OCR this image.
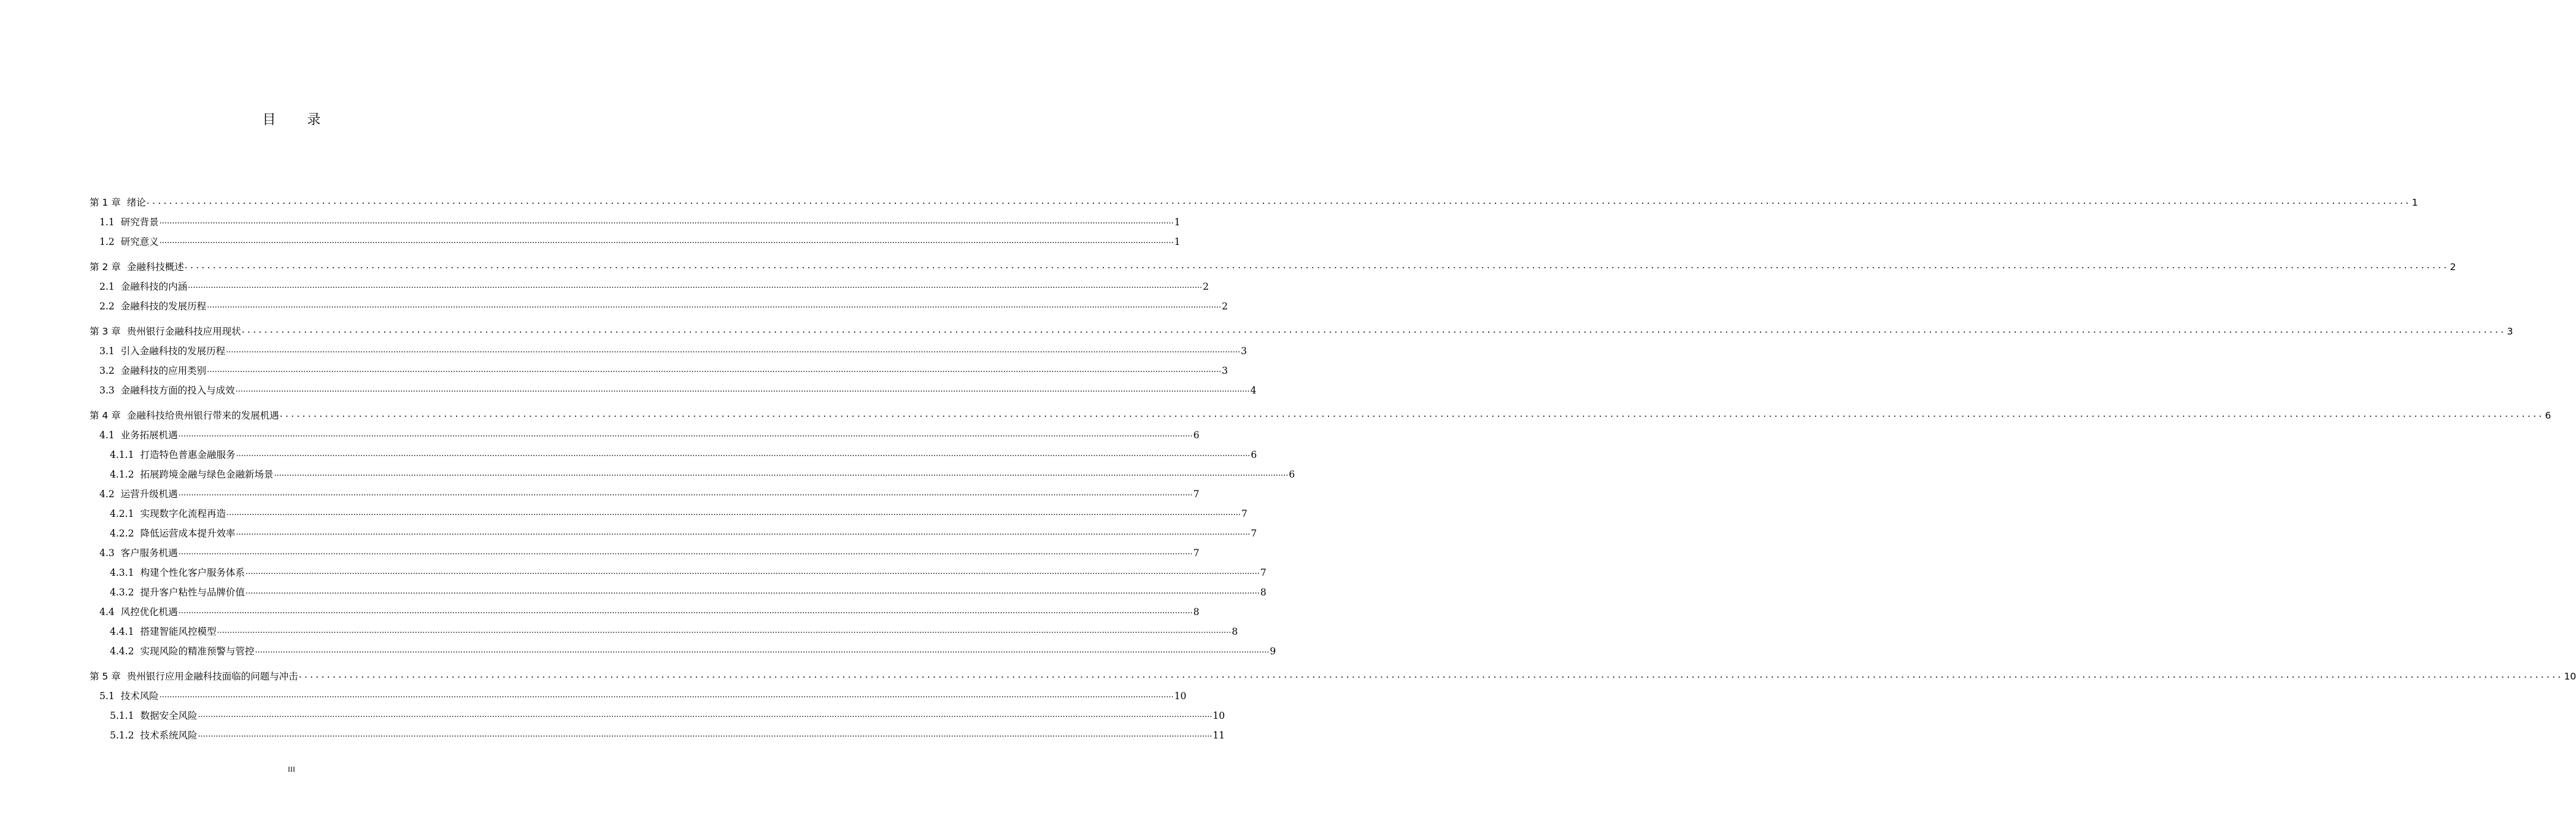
目 录
第 1 章 绪论 ................................................................................................................................................................................................................................................................................................................................................................................................................ 1
1.1 研究背景 ................................................................................................................................................................................................................................................................................................................................................................................................................ 1
1.2 研究意义 ................................................................................................................................................................................................................................................................................................................................................................................................................ 1
第 2 章 金融科技概述 ................................................................................................................................................................................................................................................................................................................................................................................................................ 2
2.1 金融科技的内涵 ................................................................................................................................................................................................................................................................................................................................................................................................................ 2
2.2 金融科技的发展历程 ................................................................................................................................................................................................................................................................................................................................................................................................................ 2
第 3 章 贵州银行金融科技应用现状 ................................................................................................................................................................................................................................................................................................................................................................................................................ 3
3.1 引入金融科技的发展历程 ................................................................................................................................................................................................................................................................................................................................................................................................................ 3
3.2 金融科技的应用类别 ................................................................................................................................................................................................................................................................................................................................................................................................................ 3
3.3 金融科技方面的投入与成效 ................................................................................................................................................................................................................................................................................................................................................................................................................ 4
第 4 章 金融科技给贵州银行带来的发展机遇 ................................................................................................................................................................................................................................................................................................................................................................................................................ 6
4.1 业务拓展机遇 ................................................................................................................................................................................................................................................................................................................................................................................................................ 6
4.1.1 打造特色普惠金融服务 ................................................................................................................................................................................................................................................................................................................................................................................................................ 6
4.1.2 拓展跨境金融与绿色金融新场景 ................................................................................................................................................................................................................................................................................................................................................................................................................ 6
4.2 运营升级机遇 ................................................................................................................................................................................................................................................................................................................................................................................................................ 7
4.2.1 实现数字化流程再造 ................................................................................................................................................................................................................................................................................................................................................................................................................ 7
4.2.2 降低运营成本提升效率 ................................................................................................................................................................................................................................................................................................................................................................................................................ 7
4.3 客户服务机遇 ................................................................................................................................................................................................................................................................................................................................................................................................................ 7
4.3.1 构建个性化客户服务体系 ................................................................................................................................................................................................................................................................................................................................................................................................................ 7
4.3.2 提升客户粘性与品牌价值 ................................................................................................................................................................................................................................................................................................................................................................................................................ 8
4.4 风控优化机遇 ................................................................................................................................................................................................................................................................................................................................................................................................................ 8
4.4.1 搭建智能风控模型 ................................................................................................................................................................................................................................................................................................................................................................................................................ 8
4.4.2 实现风险的精准预警与管控 ................................................................................................................................................................................................................................................................................................................................................................................................................ 9
第 5 章 贵州银行应用金融科技面临的问题与冲击 ................................................................................................................................................................................................................................................................................................................................................................................................................ 10
5.1 技术风险 ................................................................................................................................................................................................................................................................................................................................................................................................................ 10
5.1.1 数据安全风险 ................................................................................................................................................................................................................................................................................................................................................................................................................ 10
5.1.2 技术系统风险 ................................................................................................................................................................................................................................................................................................................................................................................................................ 11
III
